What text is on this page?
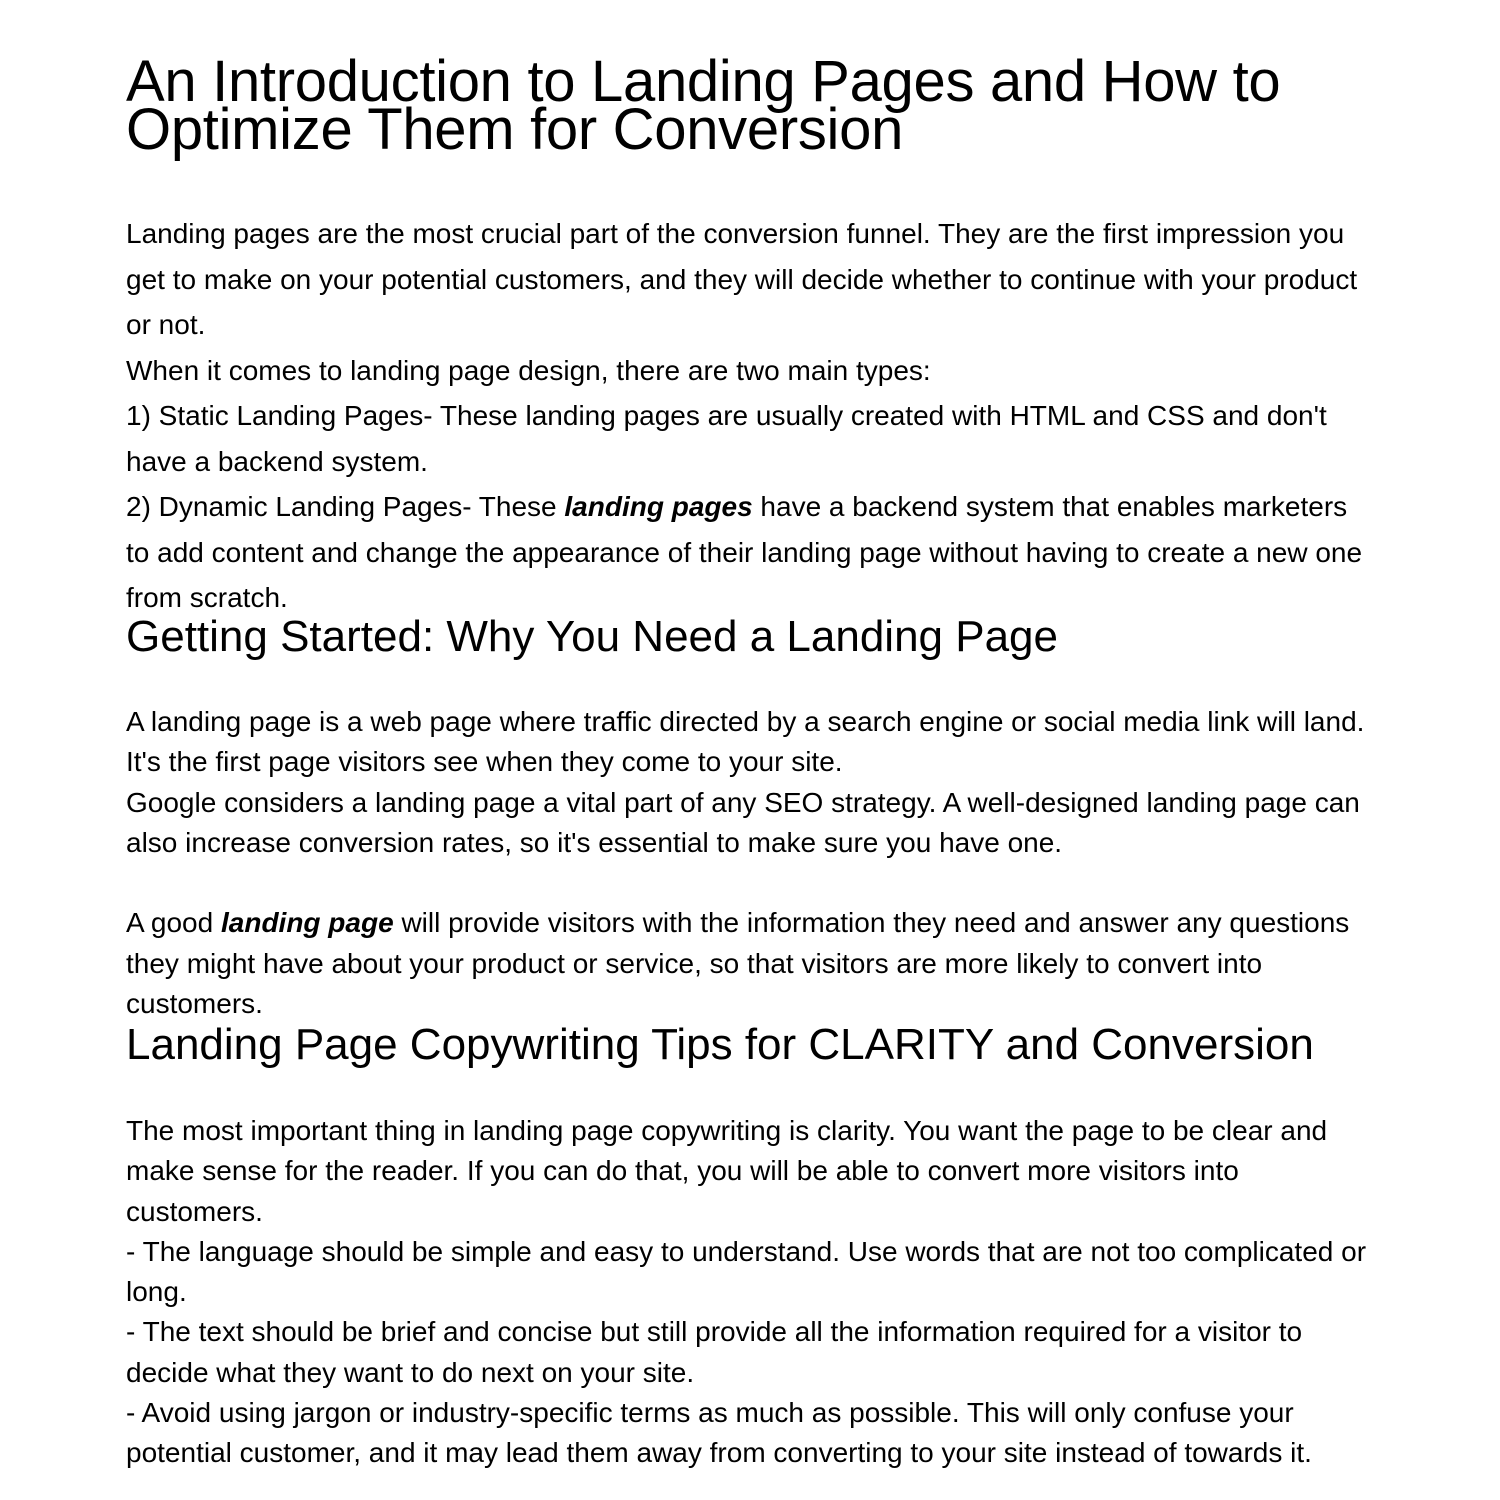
An Introduction to Landing Pages and How to
Optimize Them for Conversion

Landing pages are the most crucial part of the conversion funnel. They are the first impression you get to make on your potential customers, and they will decide whether to continue with your product or not.

When it comes to landing page design, there are two main types:

1) Static Landing Pages- These landing pages are usually created with HTML and CSS and don't have a backend system.

2) Dynamic Landing Pages- These landing pages have a backend system that enables marketers to add content and change the appearance of their landing page without having to create a new one from scratch.

Getting Started: Why You Need a Landing Page

A landing page is a web page where traffic directed by a search engine or social media link will land. It's the first page visitors see when they come to your site.

Google considers a landing page a vital part of any SEO strategy. A well-designed landing page can also increase conversion rates, so it's essential to make sure you have one.

A good landing page will provide visitors with the information they need and answer any questions they might have about your product or service, so that visitors are more likely to convert into customers.

Landing Page Copywriting Tips for CLARITY and Conversion

The most important thing in landing page copywriting is clarity. You want the page to be clear and make sense for the reader. If you can do that, you will be able to convert more visitors into customers.

- The language should be simple and easy to understand. Use words that are not too complicated or long.

- The text should be brief and concise but still provide all the information required for a visitor to decide what they want to do next on your site.

- Avoid using jargon or industry-specific terms as much as possible. This will only confuse your potential customer, and it may lead them away from converting to your site instead of towards it.
